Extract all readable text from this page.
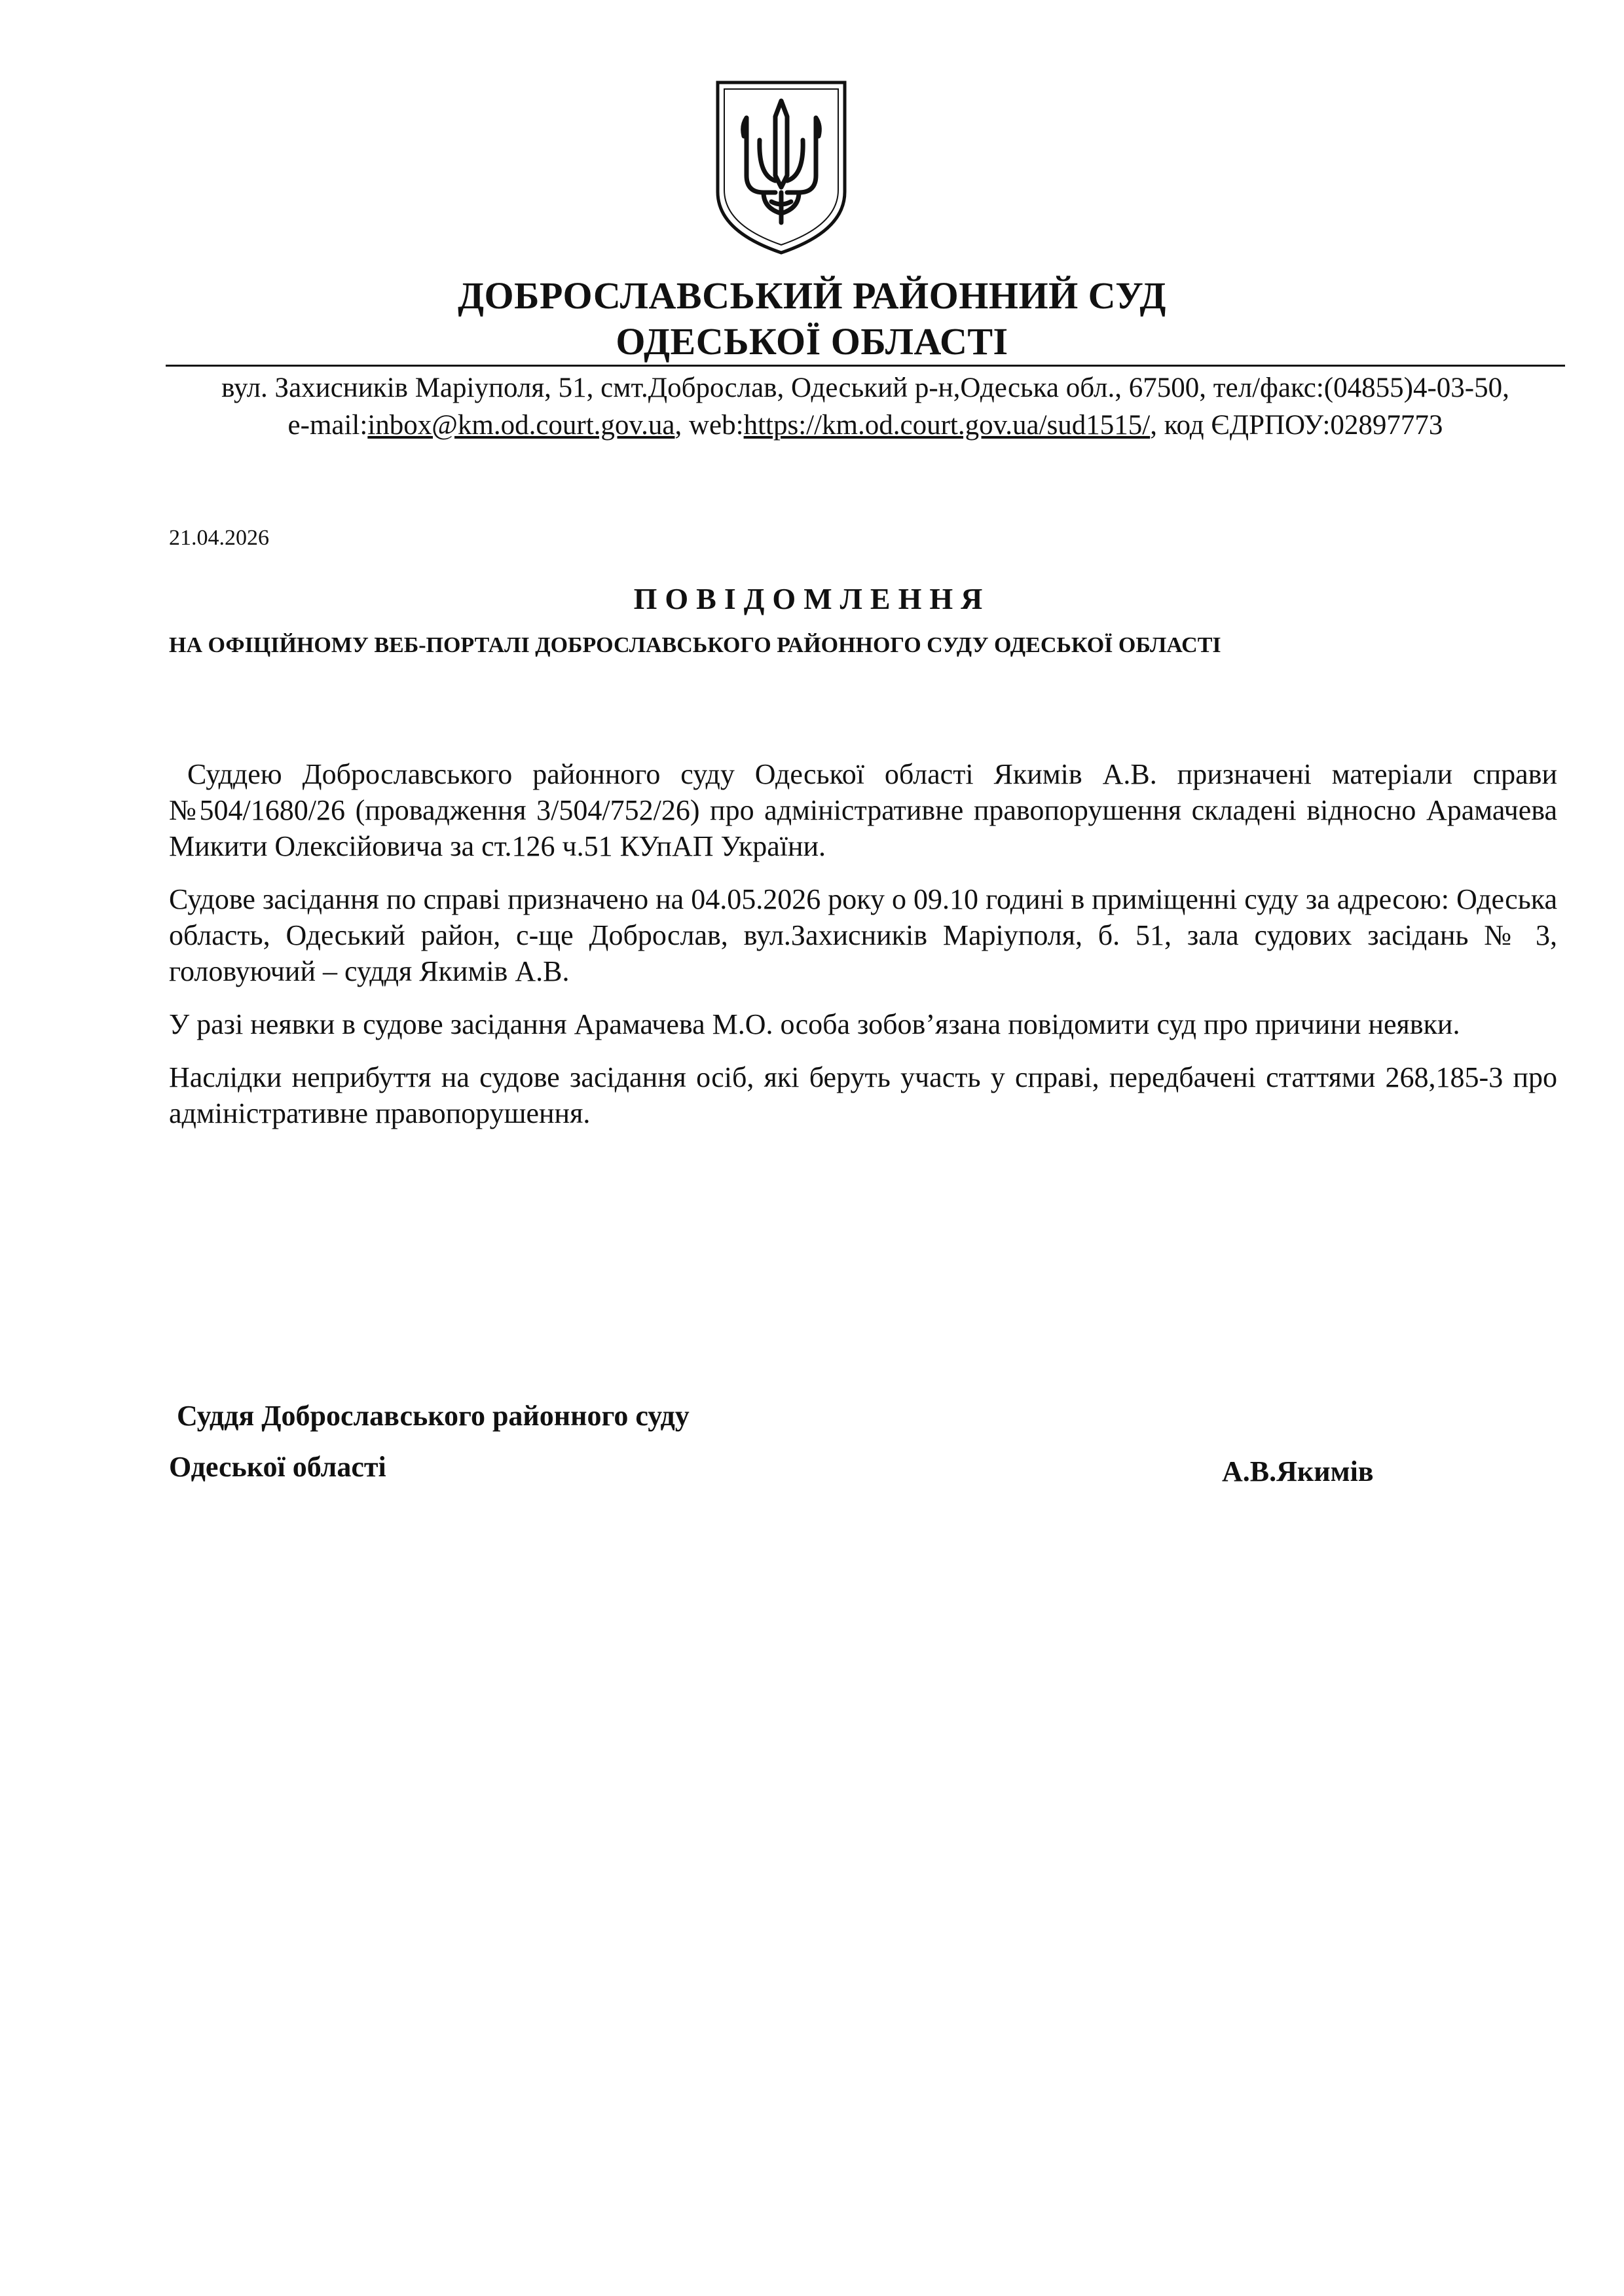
ДОБРОСЛАВСЬКИЙ РАЙОННИЙ СУД
ОДЕСЬКОЇ ОБЛАСТІ
вул. Захисників Маріуполя, 51, смт.Доброслав, Одеський р-н,Одеська обл., 67500, тел/факс:(04855)4-03-50,
e-mail:inbox@km.od.court.gov.ua, web:https://km.od.court.gov.ua/sud1515/, код ЄДРПОУ:02897773
21.04.2026
ПОВІДОМЛЕННЯ
НА ОФІЦІЙНОМУ ВЕБ-ПОРТАЛІ ДОБРОСЛАВСЬКОГО РАЙОННОГО СУДУ ОДЕСЬКОЇ ОБЛАСТІ

Суддею Доброславського районного суду Одеської області Якимів А.В. призначені матеріали справи №504/1680/26 (провадження 3/504/752/26) про адміністративне правопорушення складені відносно Арамачева Микити Олексійовича за ст.126 ч.51 КУпАП України.

Судове засідання по справі призначено на 04.05.2026 року о 09.10 годині в приміщенні суду за адресою: Одеська область, Одеський район, с-ще Доброслав, вул.Захисників Маріуполя, б. 51, зала судових засідань № 3, головуючий – суддя Якимів А.В.

У разі неявки в судове засідання Арамачева М.О. особа зобов’язана повідомити суд про причини неявки.

Наслідки неприбуття на судове засідання осіб, які беруть участь у справі, передбачені статтями 268,185-3 про адміністративне правопорушення.

Суддя Доброславського районного суду
Одеської області	А.В.Якимів
